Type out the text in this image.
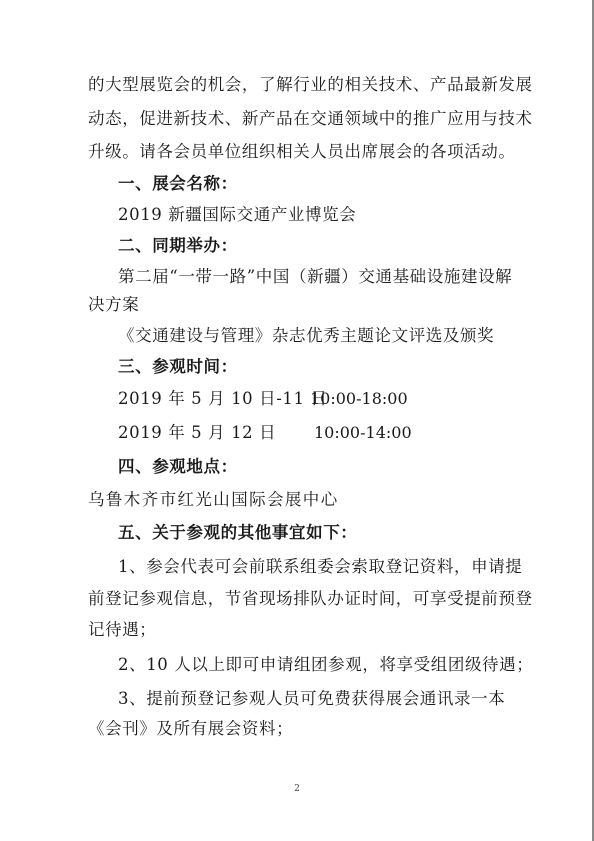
的大型展览会的机会，了解行业的相关技术、产品最新发展
动态，促进新技术、新产品在交通领域中的推广应用与技术
升级。请各会员单位组织相关人员出席展会的各项活动。
一、展会名称：
2019 新疆国际交通产业博览会
二、同期举办：
第二届“一带一路”中国（新疆）交通基础设施建设解
决方案
《交通建设与管理》杂志优秀主题论文评选及颁奖
三、参观时间：
2019 年 5 月 10 日-11 日
10:00-18:00
2019 年 5 月 12 日 10:00-14:00
四、参观地点：
乌鲁木齐市红光山国际会展中心
五、关于参观的其他事宜如下：
1、参会代表可会前联系组委会索取登记资料，申请提
前登记参观信息，节省现场排队办证时间，可享受提前预登
记待遇；
2、10 人以上即可申请组团参观，将享受组团级待遇；
3、提前预登记参观人员可免费获得展会通讯录一本
《会刊》及所有展会资料；
2
